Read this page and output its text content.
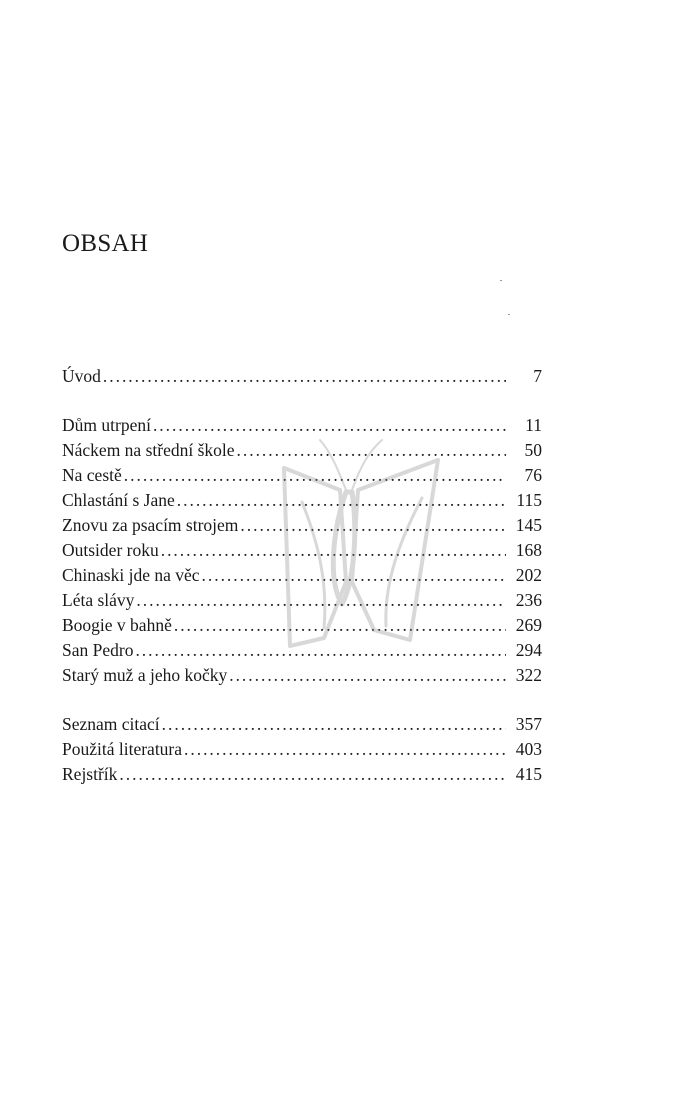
OBSAH
Úvod . . .	7
Dům utrpení . . .	11
Náckem na střední škole . . .	50
Na cestě . . .	76
Chlastání s Jane . . .	115
Znovu za psacím strojem . . .	145
Outsider roku . . .	168
Chinaski jde na věc . . .	202
Léta slávy . . .	236
Boogie v bahně . . .	269
San Pedro . . .	294
Starý muž a jeho kočky . . .	322
Seznam citací . . .	357
Použitá literatura . . .	403
Rejstřík . . .	415
